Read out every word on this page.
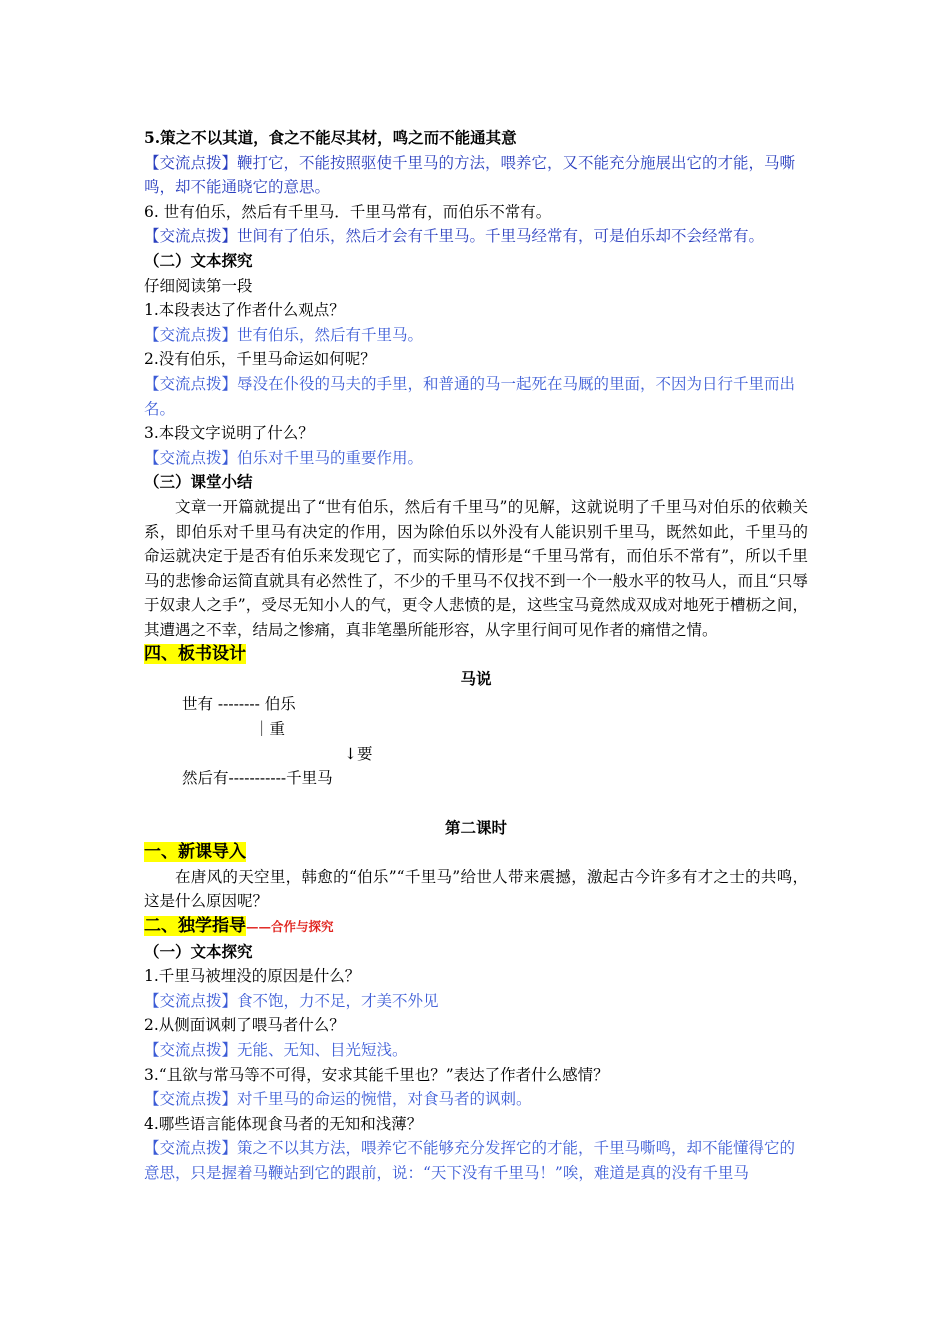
5.策之不以其道，食之不能尽其材，鸣之而不能通其意

【交流点拨】鞭打它，不能按照驱使千里马的方法，喂养它，又不能充分施展出它的才能，马嘶鸣，却不能通晓它的意思。

6. 世有伯乐，然后有千里马．千里马常有，而伯乐不常有。

【交流点拨】世间有了伯乐，然后才会有千里马。千里马经常有，可是伯乐却不会经常有。

（二）文本探究

仔细阅读第一段

1.本段表达了作者什么观点？

【交流点拨】世有伯乐，然后有千里马。

2.没有伯乐，千里马命运如何呢？

【交流点拨】辱没在仆役的马夫的手里，和普通的马一起死在马厩的里面，不因为日行千里而出名。

3.本段文字说明了什么？

【交流点拨】伯乐对千里马的重要作用。

（三）课堂小结

文章一开篇就提出了“世有伯乐，然后有千里马”的见解，这就说明了千里马对伯乐的依赖关系，即伯乐对千里马有决定的作用，因为除伯乐以外没有人能识别千里马，既然如此，千里马的命运就决定于是否有伯乐来发现它了，而实际的情形是“千里马常有，而伯乐不常有”，所以千里马的悲惨命运简直就具有必然性了，不少的千里马不仅找不到一个一般水平的牧马人，而且“只辱于奴隶人之手”，受尽无知小人的气，更令人悲愤的是，这些宝马竟然成双成对地死于槽枥之间，其遭遇之不幸，结局之惨痛，真非笔墨所能形容，从字里行间可见作者的痛惜之情。

四、板书设计

马说

世有 -------- 伯乐
｜重
↓要
然后有-----------千里马

第二课时

一、新课导入

在唐风的天空里，韩愈的“伯乐”“千里马”给世人带来震撼，激起古今许多有才之士的共鸣，这是什么原因呢？

二、独学指导——合作与探究

（一）文本探究

1.千里马被埋没的原因是什么？

【交流点拨】食不饱，力不足，才美不外见

2.从侧面讽刺了喂马者什么？

【交流点拨】无能、无知、目光短浅。

3.“且欲与常马等不可得，安求其能千里也？”表达了作者什么感情？

【交流点拨】对千里马的命运的惋惜，对食马者的讽刺。

4.哪些语言能体现食马者的无知和浅薄？

【交流点拨】策之不以其方法，喂养它不能够充分发挥它的才能，千里马嘶鸣，却不能懂得它的意思，只是握着马鞭站到它的跟前，说：“天下没有千里马！”唉，难道是真的没有千里马
